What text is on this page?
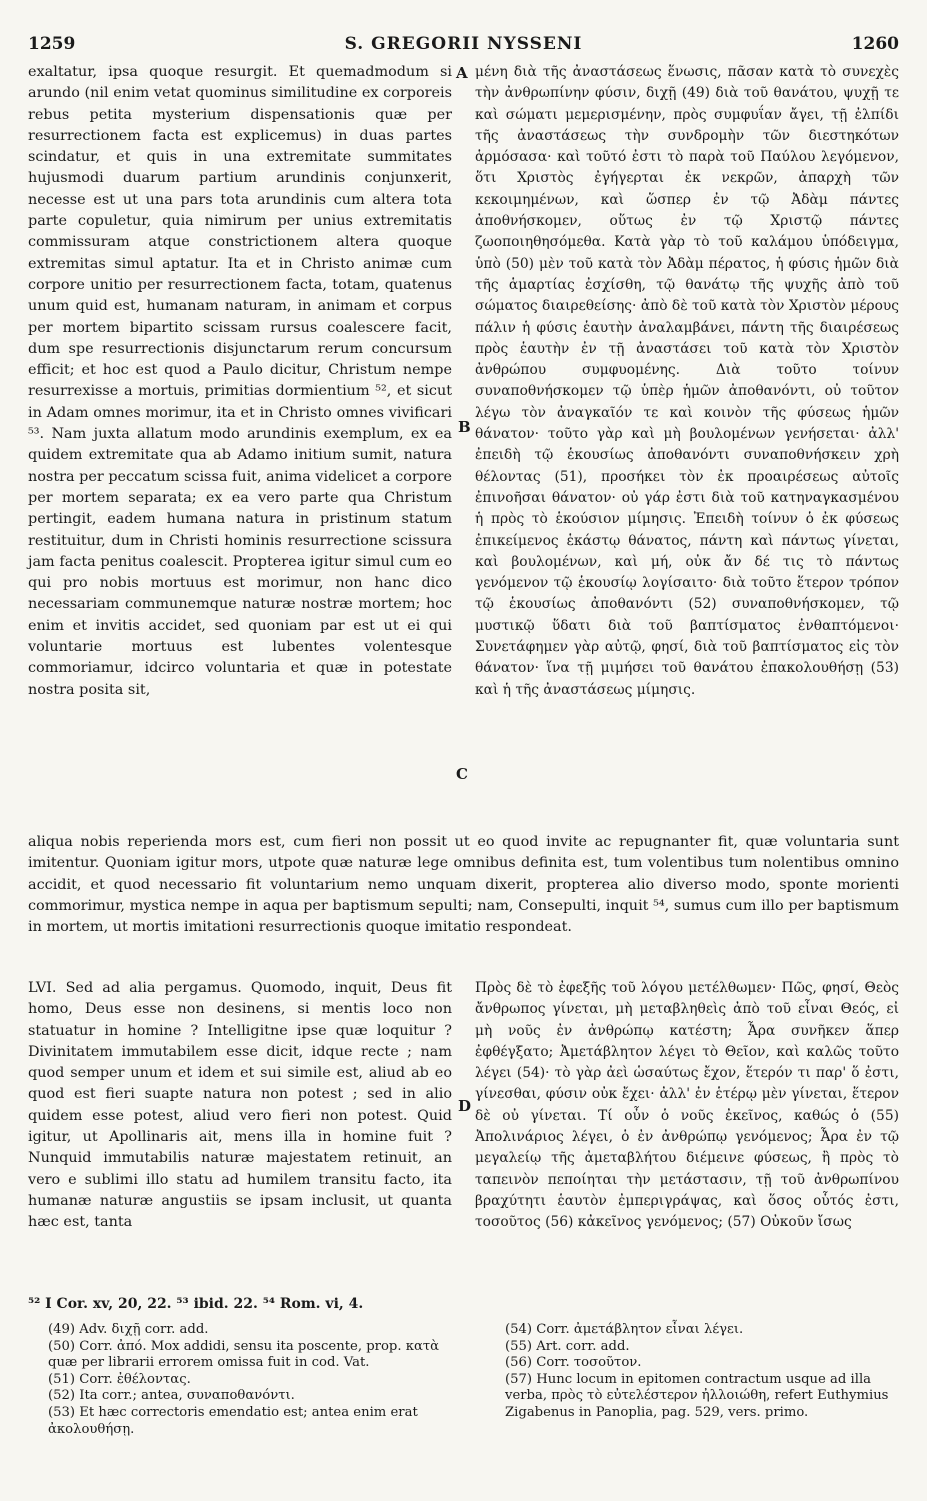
1259	S. GREGORII NYSSENI	1260

exaltatur, ipsa quoque resurgit. Et quemadmodum si arundo (nil enim vetat quominus similitudine ex corporeis rebus petita mysterium dispensationis quæ per resurrectionem facta est explicemus) in duas partes scindatur, et quis in una extremitate summitates hujusmodi duarum partium arundinis conjunxerit, necesse est ut una pars tota arundinis cum altera tota parte copuletur, quia nimirum per unius extremitatis commissuram atque constrictionem altera quoque extremitas simul aptatur. Ita et in Christo animæ cum corpore unitio per resurrectionem facta, totam, quatenus unum quid est, humanam naturam, in animam et corpus per mortem bipartito scissam rursus coalescere facit, dum spe resurrectionis disjunctarum rerum concursum efficit; et hoc est quod a Paulo dicitur, Christum nempe resurrexisse a mortuis, primitias dormientium ⁵², et sicut in Adam omnes morimur, ita et in Christo omnes vivificari ⁵³. Nam juxta allatum modo arundinis exemplum, ex ea quidem extremitate qua ab Adamo initium sumit, natura nostra per peccatum scissa fuit, anima videlicet a corpore per mortem separata; ex ea vero parte qua Christum pertingit, eadem humana natura in pristinum statum restituitur, dum in Christi hominis resurrectione scissura jam facta penitus coalescit. Propterea igitur simul cum eo qui pro nobis mortuus est morimur, non hanc dico necessariam communemque naturæ nostræ mortem; hoc enim et invitis accidet, sed quoniam par est ut ei qui voluntarie mortuus est lubentes volentesque commoriamur, idcirco voluntaria et quæ in potestate nostra posita sit,

A
B
C
D

μένη διὰ τῆς ἀναστάσεως ἕνωσις, πᾶσαν κατὰ τὸ συνεχὲς τὴν ἀνθρωπίνην φύσιν, διχῇ (49) διὰ τοῦ θανάτου, ψυχῇ τε καὶ σώματι μεμερισμένην, πρὸς συμφυΐαν ἄγει, τῇ ἐλπίδι τῆς ἀναστάσεως τὴν συνδρομὴν τῶν διεστηκότων ἁρμόσασα· καὶ τοῦτό ἐστι τὸ παρὰ τοῦ Παύλου λεγόμενον, ὅτι Χριστὸς ἐγήγερται ἐκ νεκρῶν, ἀπαρχὴ τῶν κεκοιμημένων, καὶ ὥσπερ ἐν τῷ Ἀδὰμ πάντες ἀποθνήσκομεν, οὕτως ἐν τῷ Χριστῷ πάντες ζωοποιηθησόμεθα. Κατὰ γὰρ τὸ τοῦ καλάμου ὑπόδειγμα, ὑπὸ (50) μὲν τοῦ κατὰ τὸν Ἀδὰμ πέρατος, ἡ φύσις ἡμῶν διὰ τῆς ἁμαρτίας ἐσχίσθη, τῷ θανάτῳ τῆς ψυχῆς ἀπὸ τοῦ σώματος διαιρεθείσης· ἀπὸ δὲ τοῦ κατὰ τὸν Χριστὸν μέρους πάλιν ἡ φύσις ἑαυτὴν ἀναλαμβάνει, πάντη τῆς διαιρέσεως πρὸς ἑαυτὴν ἐν τῇ ἀναστάσει τοῦ κατὰ τὸν Χριστὸν ἀνθρώπου συμφυομένης. Διὰ τοῦτο τοίνυν συναποθνήσκομεν τῷ ὑπὲρ ἡμῶν ἀποθανόντι, οὐ τοῦτον λέγω τὸν ἀναγκαῖόν τε καὶ κοινὸν τῆς φύσεως ἡμῶν θάνατον· τοῦτο γὰρ καὶ μὴ βουλομένων γενήσεται· ἀλλ' ἐπειδὴ τῷ ἑκουσίως ἀποθανόντι συναποθνήσκειν χρὴ θέλοντας (51), προσήκει τὸν ἐκ προαιρέσεως αὐτοῖς ἐπινοῆσαι θάνατον· οὐ γάρ ἐστι διὰ τοῦ κατηναγκασμένου ἡ πρὸς τὸ ἑκούσιον μίμησις. Ἐπειδὴ τοίνυν ὁ ἐκ φύσεως ἐπικείμενος ἑκάστῳ θάνατος, πάντη καὶ πάντως γίνεται, καὶ βουλομένων, καὶ μή, οὐκ ἄν δέ τις τὸ πάντως γενόμενον τῷ ἑκουσίῳ λογίσαιτο· διὰ τοῦτο ἕτερον τρόπον τῷ ἑκουσίως ἀποθανόντι (52) συναποθνήσκομεν, τῷ μυστικῷ ὕδατι διὰ τοῦ βαπτίσματος ἐνθαπτόμενοι· Συνετάφημεν γὰρ αὐτῷ, φησί, διὰ τοῦ βαπτίσματος εἰς τὸν θάνατον· ἵνα τῇ μιμήσει τοῦ θανάτου ἐπακολουθήσῃ (53) καὶ ἡ τῆς ἀναστάσεως μίμησις.

aliqua nobis reperienda mors est, cum fieri non possit ut eo quod invite ac repugnanter fit, quæ voluntaria sunt imitentur. Quoniam igitur mors, utpote quæ naturæ lege omnibus definita est, tum volentibus tum nolentibus omnino accidit, et quod necessario fit voluntarium nemo unquam dixerit, propterea alio diverso modo, sponte morienti commorimur, mystica nempe in aqua per baptismum sepulti; nam, Consepulti, inquit ⁵⁴, sumus cum illo per baptismum in mortem, ut mortis imitationi resurrectionis quoque imitatio respondeat.

LVI. Sed ad alia pergamus. Quomodo, inquit, Deus fit homo, Deus esse non desinens, si mentis loco non statuatur in homine ? Intelligitne ipse quæ loquitur ? Divinitatem immutabilem esse dicit, idque recte ; nam quod semper unum et idem et sui simile est, aliud ab eo quod est fieri suapte natura non potest ; sed in alio quidem esse potest, aliud vero fieri non potest. Quid igitur, ut Apollinaris ait, mens illa in homine fuit ? Nunquid immutabilis naturæ majestatem retinuit, an vero e sublimi illo statu ad humilem transitu facto, ita humanæ naturæ angustiis se ipsam inclusit, ut quanta hæc est, tanta

Πρὸς δὲ τὸ ἐφεξῆς τοῦ λόγου μετέλθωμεν· Πῶς, φησί, Θεὸς ἄνθρωπος γίνεται, μὴ μεταβληθεὶς ἀπὸ τοῦ εἶναι Θεός, εἰ μὴ νοῦς ἐν ἀνθρώπῳ κατέστη; Ἆρα συνῆκεν ἅπερ ἐφθέγξατο; Ἀμετάβλητον λέγει τὸ Θεῖον, καὶ καλῶς τοῦτο λέγει (54)· τὸ γὰρ ἀεὶ ὡσαύτως ἔχον, ἕτερόν τι παρ' ὅ ἐστι, γίνεσθαι, φύσιν οὐκ ἔχει· ἀλλ' ἐν ἑτέρῳ μὲν γίνεται, ἕτερον δὲ οὐ γίνεται. Τί οὖν ὁ νοῦς ἐκεῖνος, καθώς ὁ (55) Ἀπολινάριος λέγει, ὁ ἐν ἀνθρώπῳ γενόμενος; Ἆρα ἐν τῷ μεγαλείῳ τῆς ἀμεταβλήτου διέμεινε φύσεως, ἢ πρὸς τὸ ταπεινὸν πεποίηται τὴν μετάστασιν, τῇ τοῦ ἀνθρωπίνου βραχύτητι ἑαυτὸν ἐμπεριγράψας, καὶ ὅσος οὗτός ἐστι, τοσοῦτος (56) κἀκεῖνος γενόμενος; (57) Οὐκοῦν ἴσως

⁵² I Cor. xv, 20, 22. ⁵³ ibid. 22. ⁵⁴ Rom. vi, 4.
(49) Adv. διχῇ corr. add.
(50) Corr. ἀπό. Mox addidi, sensu ita poscente, prop. κατὰ quæ per librarii errorem omissa fuit in cod. Vat.
(51) Corr. ἐθέλοντας.
(52) Ita corr.; antea, συναποθανόντι.
(53) Et hæc correctoris emendatio est; antea enim erat ἀκολουθήσῃ.
(54) Corr. ἀμετάβλητον εἶναι λέγει.
(55) Art. corr. add.
(56) Corr. τοσοῦτον.
(57) Hunc locum in epitomen contractum usque ad illa verba, πρὸς τὸ εὐτελέστερον ἠλλοιώθη, refert Euthymius Zigabenus in Panoplia, pag. 529, vers. primo.
